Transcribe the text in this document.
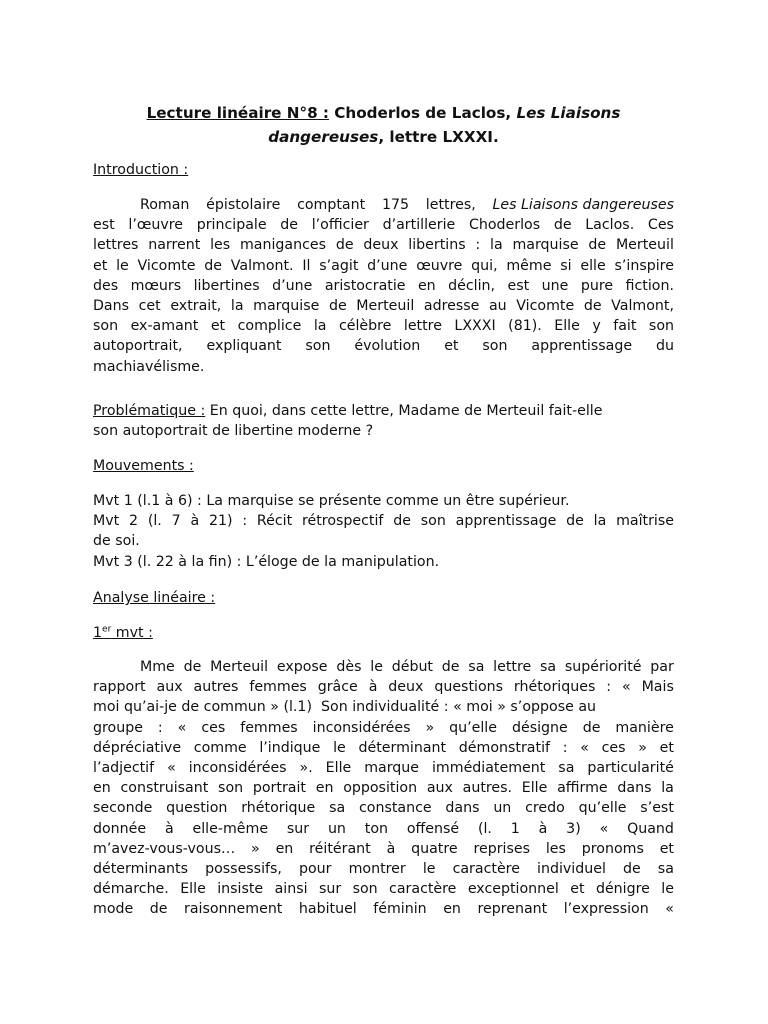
Lecture linéaire N°8 : Choderlos de Laclos, Les Liaisons
dangereuses, lettre LXXXI.
Introduction :
Roman épistolaire comptant 175 lettres, Les Liaisons dangereuses
est l’œuvre principale de l’officier d’artillerie Choderlos de Laclos. Ces
lettres narrent les manigances de deux libertins : la marquise de Merteuil
et le Vicomte de Valmont. Il s’agit d’une œuvre qui, même si elle s’inspire
des mœurs libertines d’une aristocratie en déclin, est une pure fiction.
Dans cet extrait, la marquise de Merteuil adresse au Vicomte de Valmont,
son ex-amant et complice la célèbre lettre LXXXI (81). Elle y fait son
autoportrait, expliquant son évolution et son apprentissage du
machiavélisme.
Problématique : En quoi, dans cette lettre, Madame de Merteuil fait-elle
son autoportrait de libertine moderne ?
Mouvements :
Mvt 1 (l.1 à 6) : La marquise se présente comme un être supérieur.
Mvt 2 (l. 7 à 21) : Récit rétrospectif de son apprentissage de la maîtrise
de soi.
Mvt 3 (l. 22 à la fin) : L’éloge de la manipulation.
Analyse linéaire :
1er mvt :
Mme de Merteuil expose dès le début de sa lettre sa supériorité par
rapport aux autres femmes grâce à deux questions rhétoriques : « Mais
moi qu’ai-je de commun » (l.1)  Son individualité : « moi » s’oppose au
groupe : « ces femmes inconsidérées » qu’elle désigne de manière
dépréciative comme l’indique le déterminant démonstratif : « ces » et
l’adjectif « inconsidérées ». Elle marque immédiatement sa particularité
en construisant son portrait en opposition aux autres. Elle affirme dans la
seconde question rhétorique sa constance dans un credo qu’elle s’est
donnée à elle-même sur un ton offensé (l. 1 à 3) « Quand
m’avez-vous-vous… » en réitérant à quatre reprises les pronoms et
déterminants possessifs, pour montrer le caractère individuel de sa
démarche. Elle insiste ainsi sur son caractère exceptionnel et dénigre le
mode de raisonnement habituel féminin en reprenant l’expression «
